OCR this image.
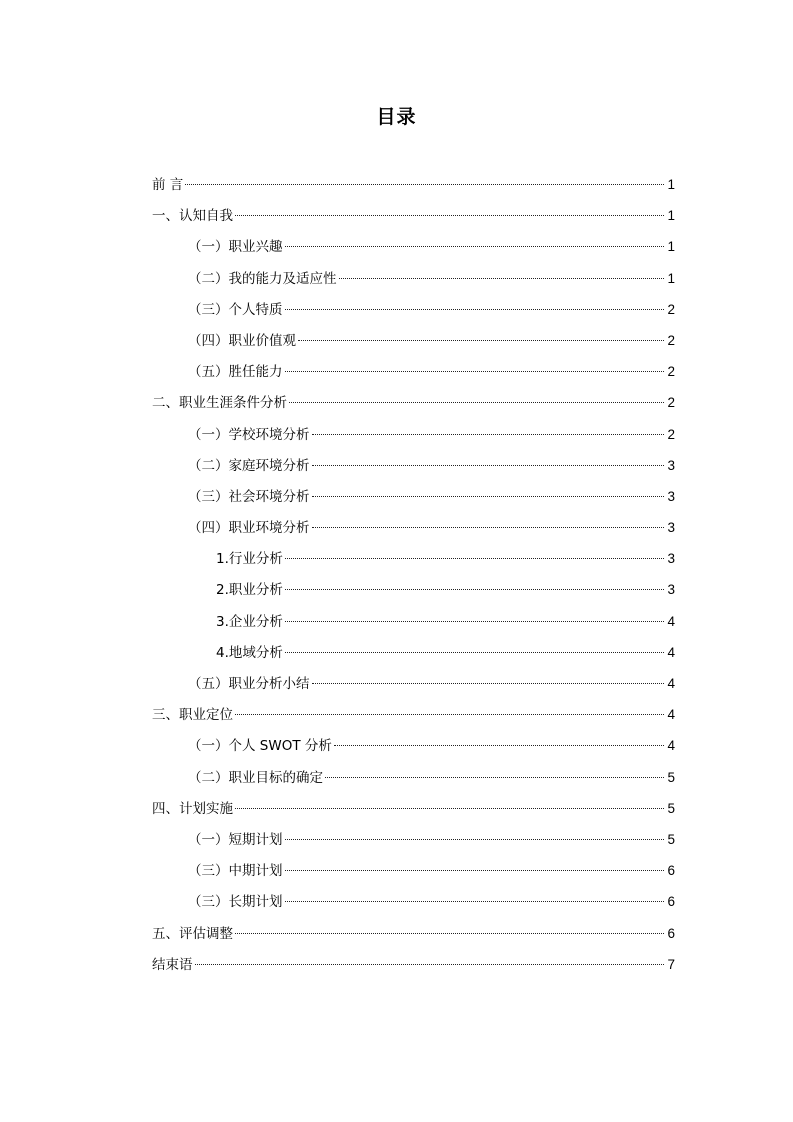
目录
前 言	1
一、认知自我	1
（一）职业兴趣	1
（二）我的能力及适应性	1
（三）个人特质	2
（四）职业价值观	2
（五）胜任能力	2
二、职业生涯条件分析	2
（一）学校环境分析	2
（二）家庭环境分析	3
（三）社会环境分析	3
（四）职业环境分析	3
1.行业分析	3
2.职业分析	3
3.企业分析	4
4.地域分析	4
（五）职业分析小结	4
三、职业定位	4
（一）个人 SWOT 分析	4
（二）职业目标的确定	5
四、计划实施	5
（一）短期计划	5
（三）中期计划	6
（三）长期计划	6
五、评估调整	6
结束语	7
